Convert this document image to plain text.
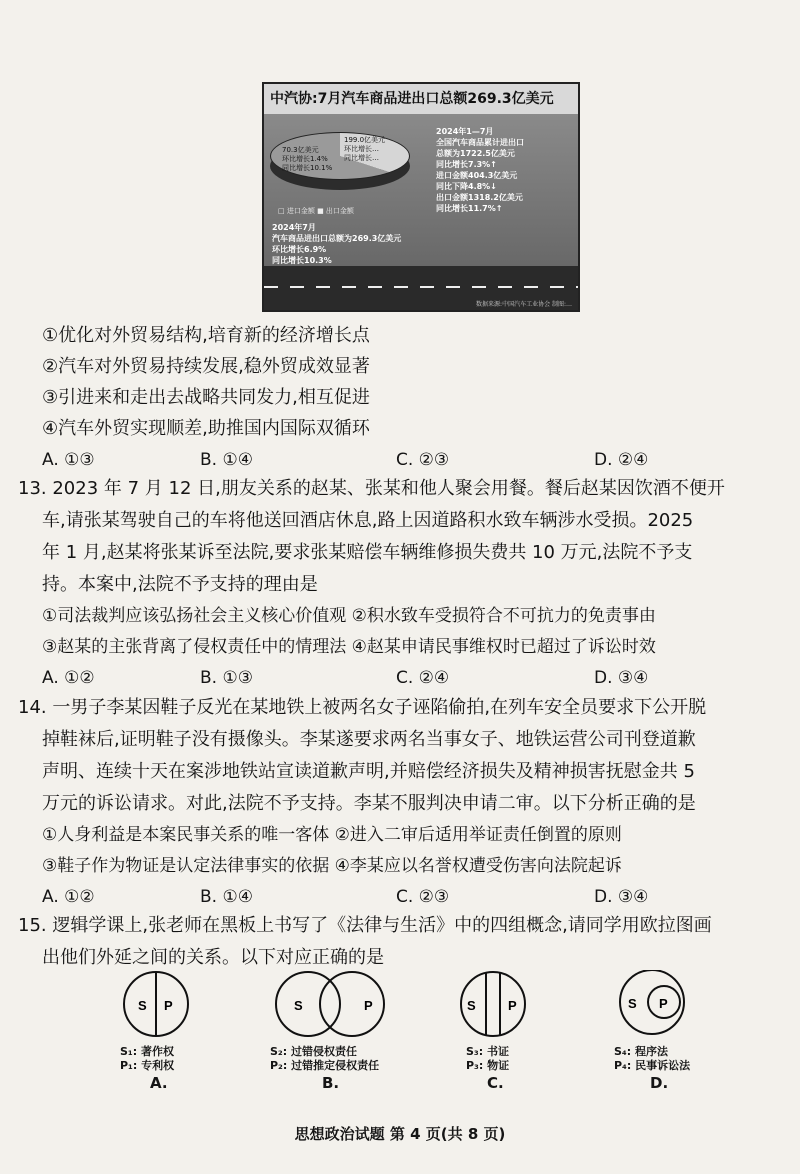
中汽协:7月汽车商品进出口总额269.3亿美元
70.3亿美元
环比增长1.4%
同比增长10.1%
199.0亿美元
环比增长…
同比增长…
□ 进口金额 ■ 出口金额
2024年1—7月
全国汽车商品累计进出口
总额为1722.5亿美元
同比增长7.3%↑
进口金额404.3亿美元
同比下降4.8%↓
出口金额1318.2亿美元
同比增长11.7%↑
2024年7月
汽车商品进出口总额为269.3亿美元
环比增长6.9%
同比增长10.3%
数据来源:中国汽车工业协会 制图:…
①优化对外贸易结构,培育新的经济增长点
②汽车对外贸易持续发展,稳外贸成效显著
③引进来和走出去战略共同发力,相互促进
④汽车外贸实现顺差,助推国内国际双循环
A. ①③	B. ①④	C. ②③	D. ②④
13. 2023 年 7 月 12 日,朋友关系的赵某、张某和他人聚会用餐。餐后赵某因饮酒不便开
车,请张某驾驶自己的车将他送回酒店休息,路上因道路积水致车辆涉水受损。2025
年 1 月,赵某将张某诉至法院,要求张某赔偿车辆维修损失费共 10 万元,法院不予支
持。本案中,法院不予支持的理由是
①司法裁判应该弘扬社会主义核心价值观 ②积水致车受损符合不可抗力的免责事由
③赵某的主张背离了侵权责任中的情理法 ④赵某申请民事维权时已超过了诉讼时效
A. ①②	B. ①③	C. ②④	D. ③④
14. 一男子李某因鞋子反光在某地铁上被两名女子诬陷偷拍,在列车安全员要求下公开脱
掉鞋袜后,证明鞋子没有摄像头。李某遂要求两名当事女子、地铁运营公司刊登道歉
声明、连续十天在案涉地铁站宣读道歉声明,并赔偿经济损失及精神损害抚慰金共 5
万元的诉讼请求。对此,法院不予支持。李某不服判决申请二审。以下分析正确的是
①人身利益是本案民事关系的唯一客体 ②进入二审后适用举证责任倒置的原则
③鞋子作为物证是认定法律事实的依据 ④李某应以名誉权遭受伤害向法院起诉
A. ①②	B. ①④	C. ②③	D. ③④
15. 逻辑学课上,张老师在黑板上书写了《法律与生活》中的四组概念,请同学用欧拉图画
出他们外延之间的关系。以下对应正确的是
S P	S	P	S P	S P
S₁: 著作权
P₁: 专利权
A.
S₂: 过错侵权责任
P₂: 过错推定侵权责任
B.
S₃: 书证
P₃: 物证
C.
S₄: 程序法
P₄: 民事诉讼法
D.
思想政治试题 第 4 页(共 8 页)
